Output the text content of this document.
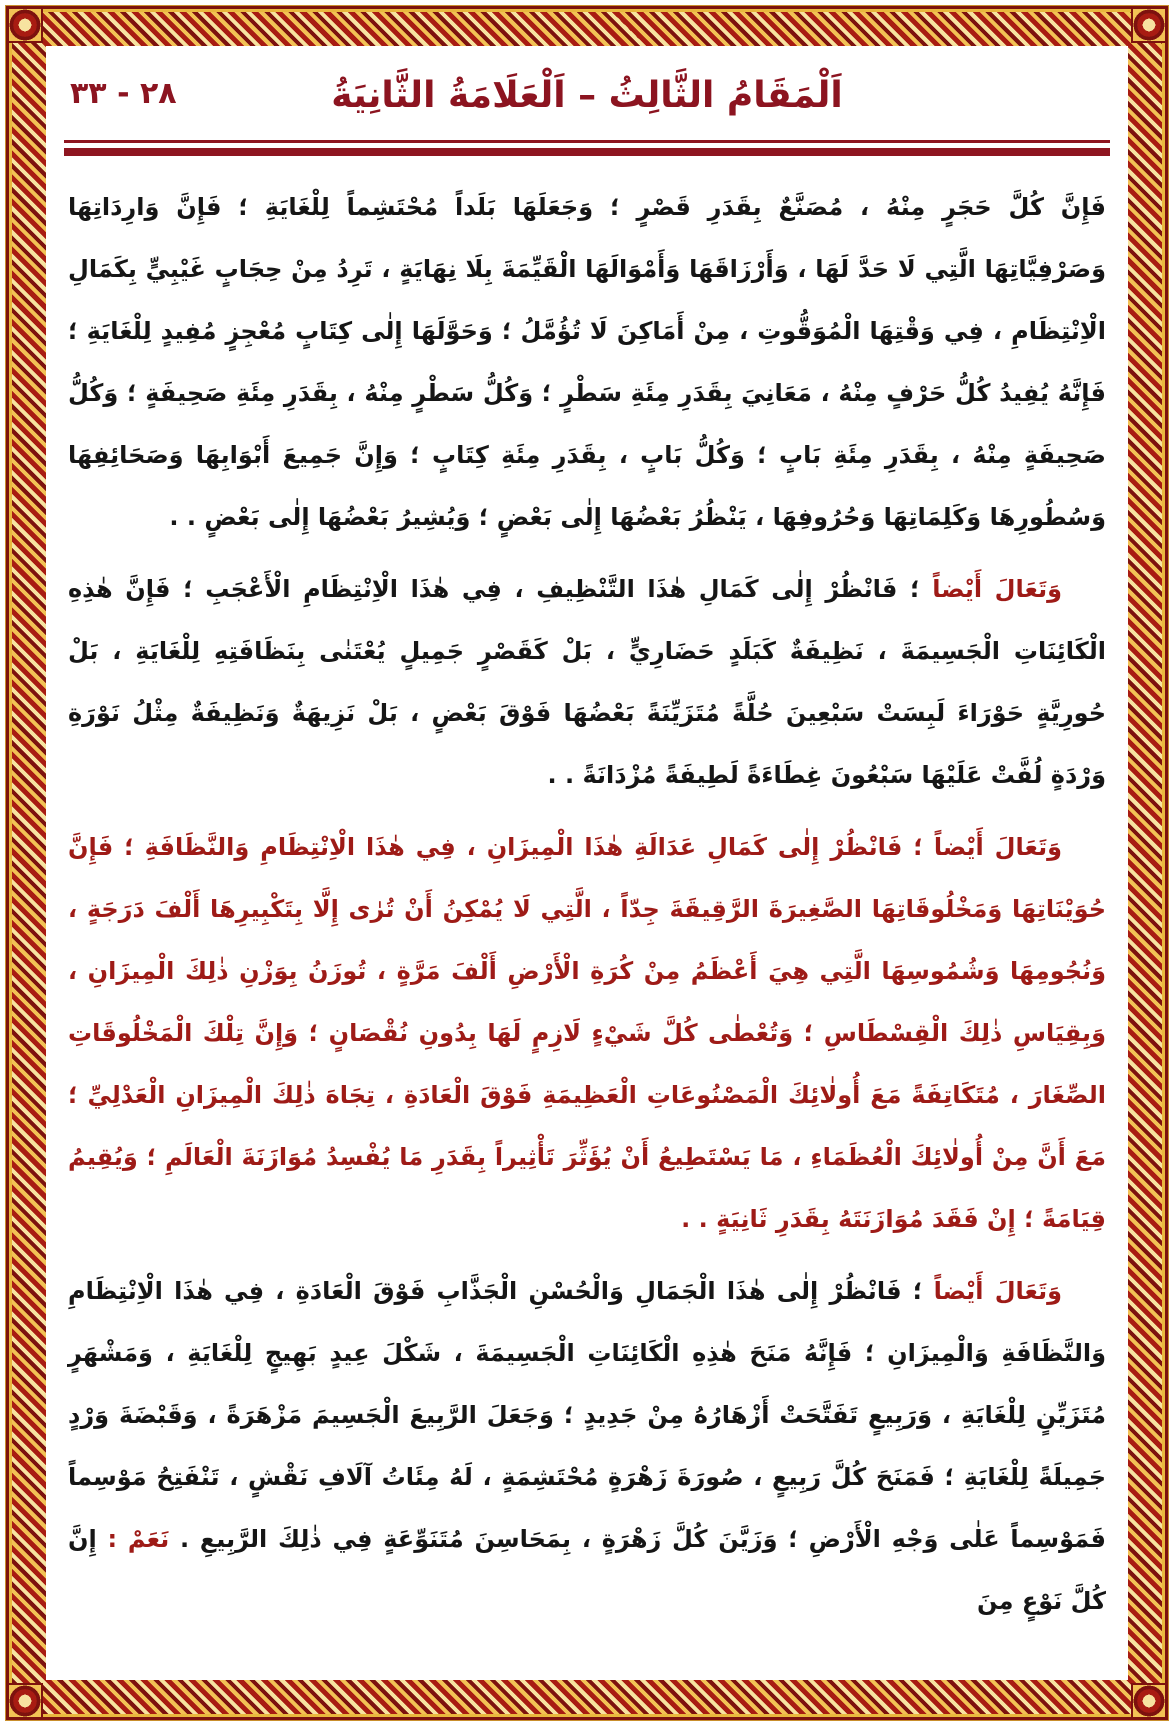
٢٨ - ٣٣	اَلْمَقَامُ الثَّالِثُ – اَلْعَلَامَةُ الثَّانِيَةُ

فَإِنَّ كُلَّ حَجَرٍ مِنْهُ ، مُصَنَّعٌ بِقَدَرِ قَصْرٍ ؛ وَجَعَلَهَا بَلَداً مُحْتَشِماً لِلْغَايَةِ ؛ فَإِنَّ وَارِدَاتِهَا وَصَرْفِيَّاتِهَا الَّتِي لَا حَدَّ لَهَا ، وَأَرْزَاقَهَا وَأَمْوَالَهَا الْقَيِّمَةَ بِلَا نِهَايَةٍ ، تَرِدُ مِنْ حِجَابٍ غَيْبِيٍّ بِكَمَالِ الْاِنْتِظَامِ ، فِي وَقْتِهَا الْمُوَقُّوتِ ، مِنْ أَمَاكِنَ لَا تُؤُمَّلُ ؛ وَحَوَّلَهَا إِلٰى كِتَابٍ مُعْجِزٍ مُفِيدٍ لِلْغَايَةِ ؛ فَإِنَّهُ يُفِيدُ كُلُّ حَرْفٍ مِنْهُ ، مَعَانِيَ بِقَدَرِ مِئَةِ سَطْرٍ ؛ وَكُلُّ سَطْرٍ مِنْهُ ، بِقَدَرِ مِئَةِ صَحِيفَةٍ ؛ وَكُلُّ صَحِيفَةٍ مِنْهُ ، بِقَدَرِ مِئَةِ بَابٍ ؛ وَكُلُّ بَابٍ ، بِقَدَرِ مِئَةِ كِتَابٍ ؛ وَإِنَّ جَمِيعَ أَبْوَابِهَا وَصَحَائِفِهَا وَسُطُورِهَا وَكَلِمَاتِهَا وَحُرُوفِهَا ، يَنْظُرُ بَعْضُهَا إِلٰى بَعْضٍ ؛ وَيُشِيرُ بَعْضُهَا إِلٰى بَعْضٍ . .

وَتَعَالَ أَيْضاً ؛ فَانْظُرْ إِلٰى كَمَالِ هٰذَا التَّنْظِيفِ ، فِي هٰذَا الْاِنْتِظَامِ الْأَعْجَبِ ؛ فَإِنَّ هٰذِهِ الْكَائِنَاتِ الْجَسِيمَةَ ، نَظِيفَةٌ كَبَلَدٍ حَضَارِيٍّ ، بَلْ كَقَصْرٍ جَمِيلٍ يُعْتَنٰى بِنَظَافَتِهِ لِلْغَايَةِ ، بَلْ حُورِيَّةٍ حَوْرَاءَ لَبِسَتْ سَبْعِينَ حُلَّةً مُتَزَيِّنَةً بَعْضُهَا فَوْقَ بَعْضٍ ، بَلْ نَزِيهَةٌ وَنَظِيفَةٌ مِثْلُ نَوْرَةِ وَرْدَةٍ لُفَّتْ عَلَيْهَا سَبْعُونَ غِطَاءَةً لَطِيفَةً مُزْدَانَةً . .

وَتَعَالَ أَيْضاً ؛ فَانْظُرْ إِلٰى كَمَالِ عَدَالَةِ هٰذَا الْمِيزَانِ ، فِي هٰذَا الْاِنْتِظَامِ وَالنَّظَافَةِ ؛ فَإِنَّ حُوَيْنَاتِهَا وَمَخْلُوقَاتِهَا الصَّغِيرَةَ الرَّقِيقَةَ جِدّاً ، الَّتِي لَا يُمْكِنُ أَنْ تُرٰى إِلَّا بِتَكْبِيرِهَا أَلْفَ دَرَجَةٍ ، وَنُجُومِهَا وَشُمُوسِهَا الَّتِي هِيَ أَعْظَمُ مِنْ كُرَةِ الْأَرْضِ أَلْفَ مَرَّةٍ ، تُوزَنُ بِوَزْنِ ذٰلِكَ الْمِيزَانِ ، وَبِقِيَاسِ ذٰلِكَ الْقِسْطَاسِ ؛ وَتُعْطٰى كُلَّ شَيْءٍ لَازِمٍ لَهَا بِدُونِ نُقْصَانٍ ؛ وَإِنَّ تِلْكَ الْمَخْلُوقَاتِ الصِّغَارَ ، مُتَكَاتِفَةً مَعَ أُولٰائِكَ الْمَصْنُوعَاتِ الْعَظِيمَةِ فَوْقَ الْعَادَةِ ، تِجَاهَ ذٰلِكَ الْمِيزَانِ الْعَدْلِيِّ ؛ مَعَ أَنَّ مِنْ أُولٰائِكَ الْعُظَمَاءِ ، مَا يَسْتَطِيعُ أَنْ يُؤَثِّرَ تَأْثِيراً بِقَدَرِ مَا يُفْسِدُ مُوَازَنَةَ الْعَالَمِ ؛ وَيُقِيمُ قِيَامَةً ؛ إِنْ فَقَدَ مُوَازَنَتَهُ بِقَدَرِ ثَانِيَةٍ . .

وَتَعَالَ أَيْضاً ؛ فَانْظُرْ إِلٰى هٰذَا الْجَمَالِ وَالْحُسْنِ الْجَذَّابِ فَوْقَ الْعَادَةِ ، فِي هٰذَا الْاِنْتِظَامِ وَالنَّظَافَةِ وَالْمِيزَانِ ؛ فَإِنَّهُ مَنَحَ هٰذِهِ الْكَائِنَاتِ الْجَسِيمَةَ ، شَكْلَ عِيدٍ بَهِيجٍ لِلْغَايَةِ ، وَمَشْهَرٍ مُتَزَيِّنٍ لِلْغَايَةِ ، وَرَبِيعٍ تَفَتَّحَتْ أَزْهَارُهُ مِنْ جَدِيدٍ ؛ وَجَعَلَ الرَّبِيعَ الْجَسِيمَ مَزْهَرَةً ، وَقَبْضَةَ وَرْدٍ جَمِيلَةً لِلْغَايَةِ ؛ فَمَنَحَ كُلَّ رَبِيعٍ ، صُورَةَ زَهْرَةٍ مُحْتَشِمَةٍ ، لَهُ مِئَاتُ آلَافِ نَقْشٍ ، تَنْفَتِحُ مَوْسِماً فَمَوْسِماً عَلٰى وَجْهِ الْأَرْضِ ؛ وَزَيَّنَ كُلَّ زَهْرَةٍ ، بِمَحَاسِنَ مُتَنَوِّعَةٍ فِي ذٰلِكَ الرَّبِيعِ . نَعَمْ : إِنَّ كُلَّ نَوْعٍ مِنَ
